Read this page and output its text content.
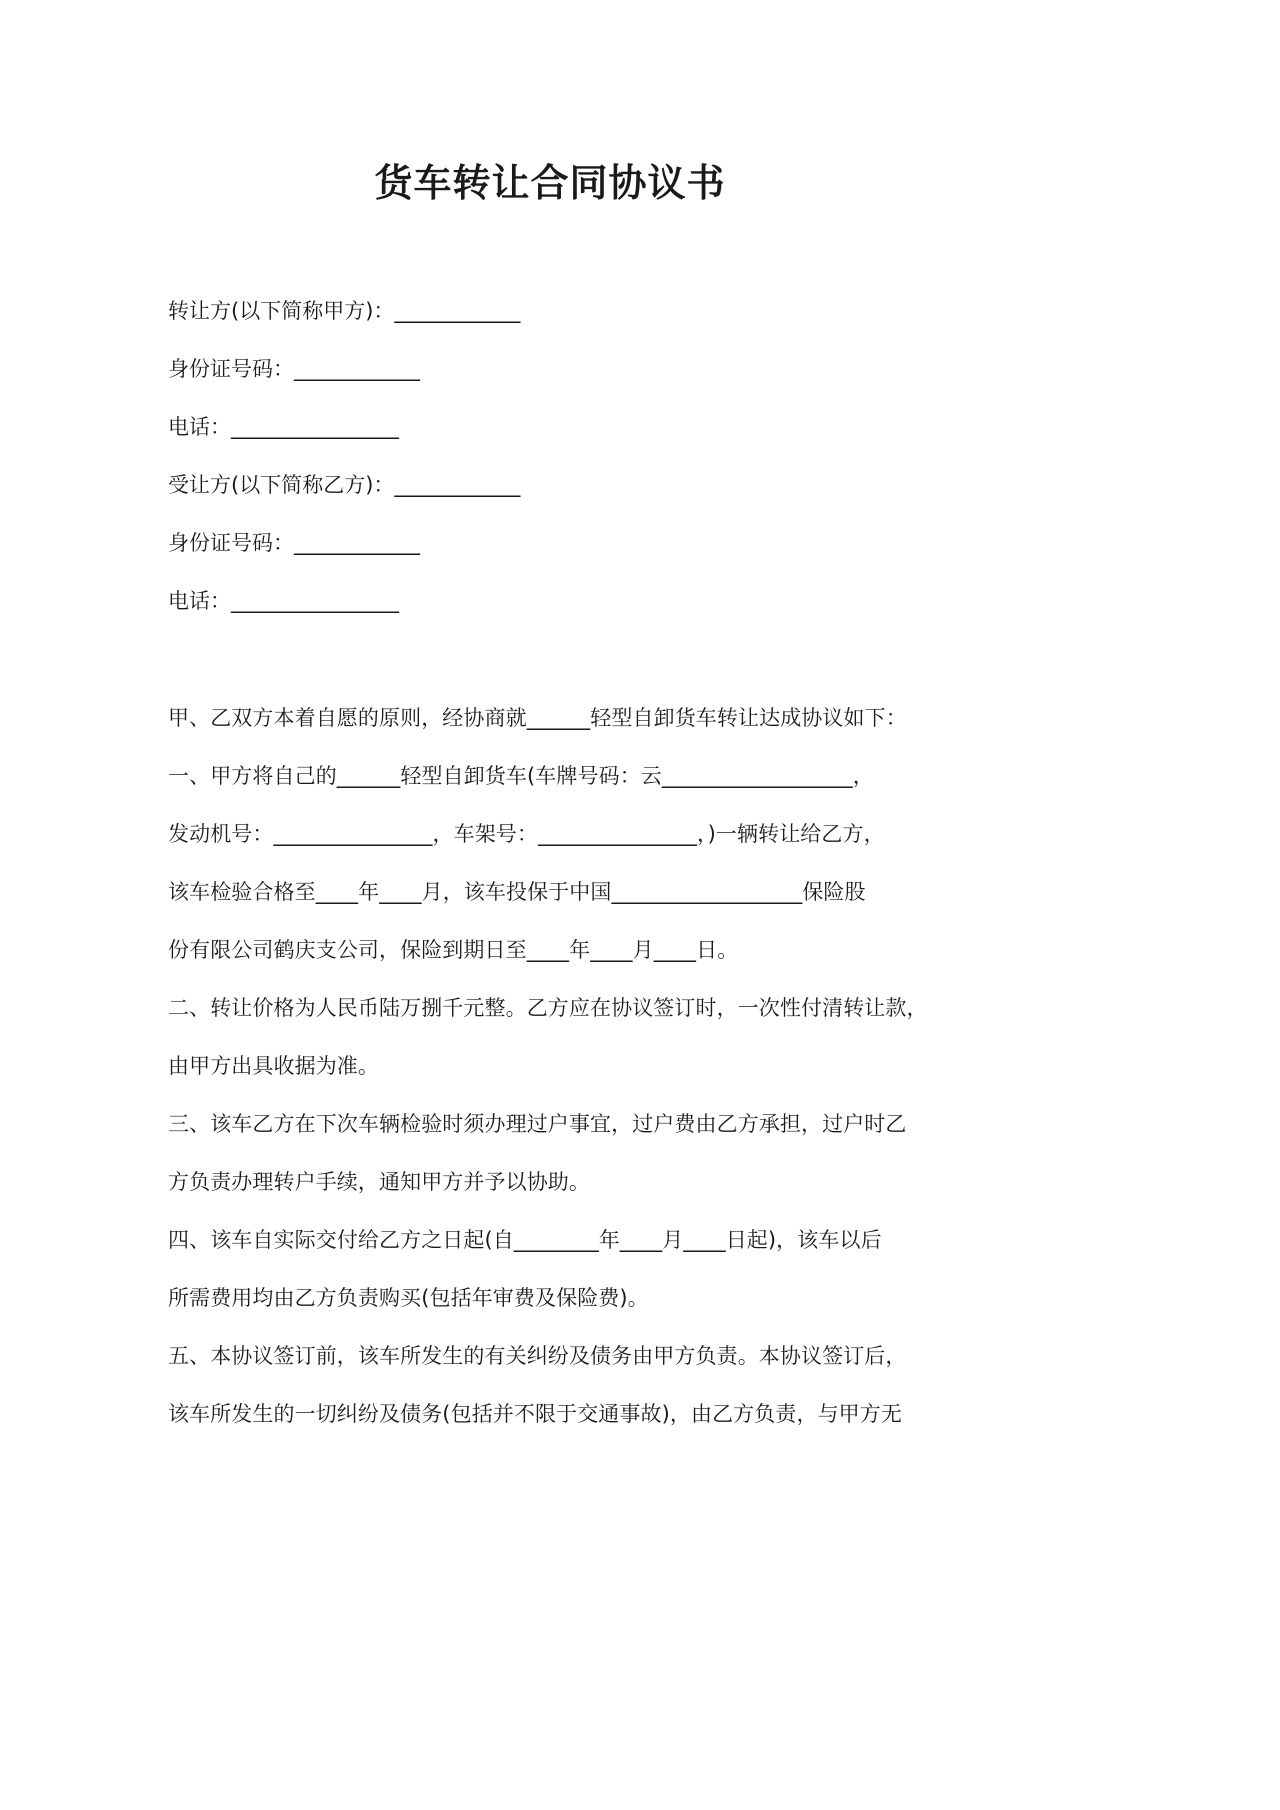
货车转让合同协议书
转让方(以下简称甲方)：____________
身份证号码：____________
电话：________________
受让方(以下简称乙方)：____________
身份证号码：____________
电话：________________
甲、乙双方本着自愿的原则，经协商就______轻型自卸货车转让达成协议如下：
一、甲方将自己的______轻型自卸货车(车牌号码：云__________________，
发动机号：_______________，车架号：_______________，)一辆转让给乙方，
该车检验合格至____年____月，该车投保于中国__________________保险股
份有限公司鹤庆支公司，保险到期日至____年____月____日。
二、转让价格为人民币陆万捌千元整。乙方应在协议签订时，一次性付清转让款，
由甲方出具收据为准。
三、该车乙方在下次车辆检验时须办理过户事宜，过户费由乙方承担，过户时乙
方负责办理转户手续，通知甲方并予以协助。
四、该车自实际交付给乙方之日起(自________年____月____日起)，该车以后
所需费用均由乙方负责购买(包括年审费及保险费)。
五、本协议签订前，该车所发生的有关纠纷及债务由甲方负责。本协议签订后，
该车所发生的一切纠纷及债务(包括并不限于交通事故)，由乙方负责，与甲方无
